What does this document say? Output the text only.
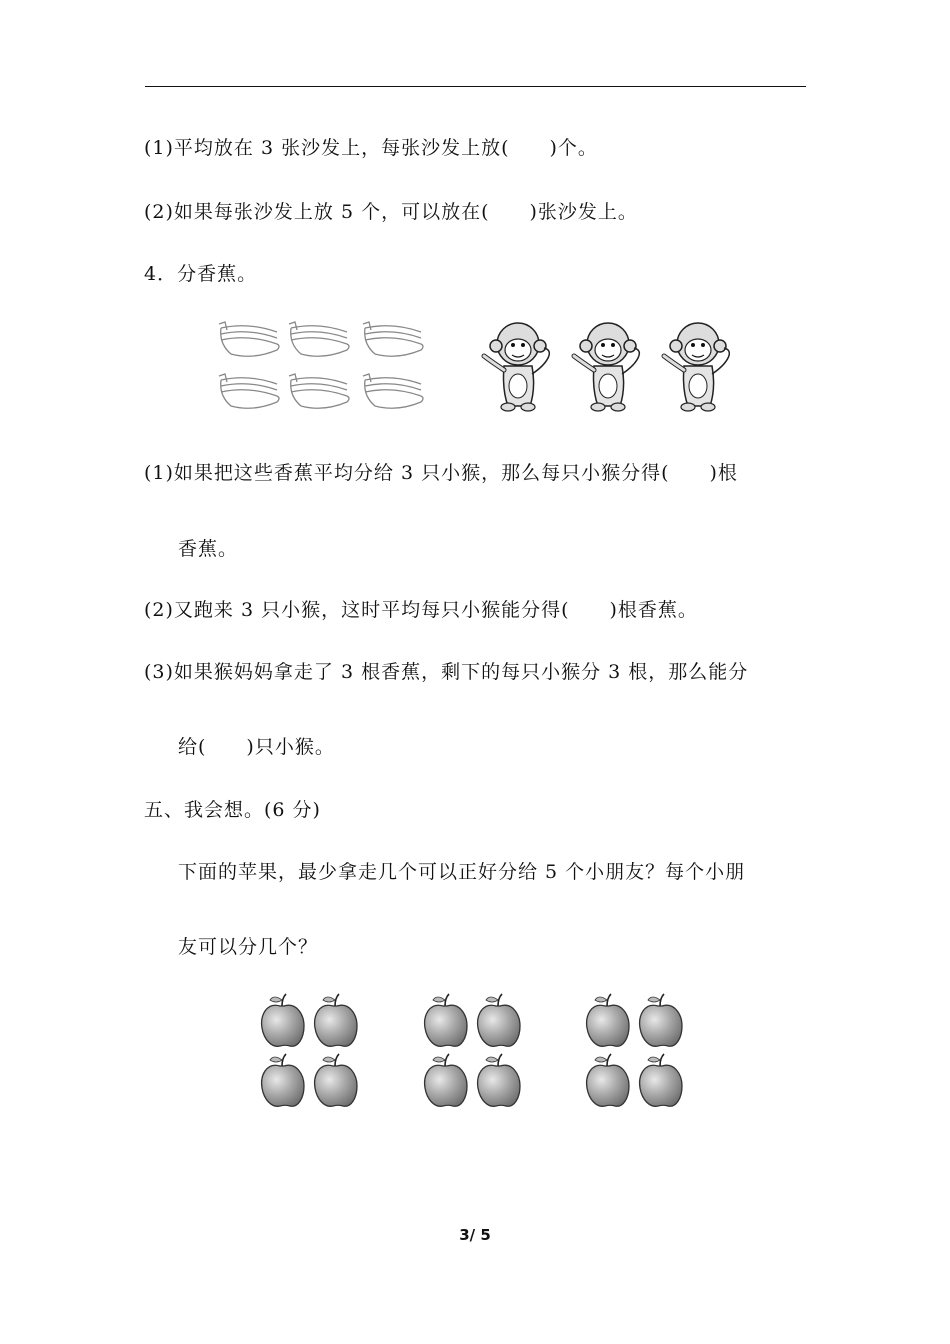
(1)平均放在 3 张沙发上，每张沙发上放(　　)个。
(2)如果每张沙发上放 5 个，可以放在(　　)张沙发上。
4．分香蕉。
(1)如果把这些香蕉平均分给 3 只小猴，那么每只小猴分得(　　)根
香蕉。
(2)又跑来 3 只小猴，这时平均每只小猴能分得(　　)根香蕉。
(3)如果猴妈妈拿走了 3 根香蕉，剩下的每只小猴分 3 根，那么能分
给(　　)只小猴。
五、我会想。(6 分)
下面的苹果，最少拿走几个可以正好分给 5 个小朋友？每个小朋
友可以分几个？
3/ 5
